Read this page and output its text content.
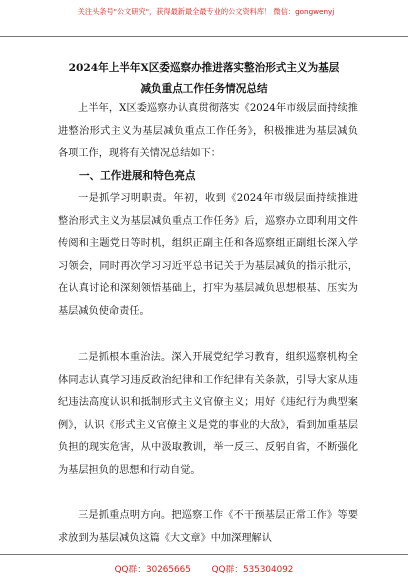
关注头条号"公文研究"，获得最新最全最专业的公文资料库！ 微信：gongwenyj
2024年上半年X区委巡察办推进落实整治形式主义为基层
减负重点工作任务情况总结
上半年，X区委巡察办认真贯彻落实《2024年市级层面持续推进整治形式主义为基层减负重点工作任务》，积极推进为基层减负各项工作，现将有关情况总结如下：
一、工作进展和特色亮点
一是抓学习明职责。年初，收到《2024年市级层面持续推进整治形式主义为基层减负重点工作任务》后，巡察办立即利用文件传阅和主题党日等时机，组织正副主任和各巡察组正副组长深入学习领会，同时再次学习习近平总书记关于为基层减负的指示批示，在认真讨论和深刻领悟基础上，打牢为基层减负思想根基、压实为基层减负使命责任。
二是抓根本重治法。深入开展党纪学习教育，组织巡察机构全体同志认真学习违反政治纪律和工作纪律有关条款，引导大家从违纪违法高度认识和抵制形式主义官僚主义；用好《违纪行为典型案例》，认识《形式主义官僚主义是党的事业的大敌》，看到加重基层负担的现实危害，从中汲取教训，举一反三、反躬自省，不断强化为基层担负的思想和行动自觉。
三是抓重点明方向。把巡察工作《不干预基层正常工作》等要求放到为基层减负这篇《大文章》中加深理解认
QQ群：30265665 QQ群：535304092
